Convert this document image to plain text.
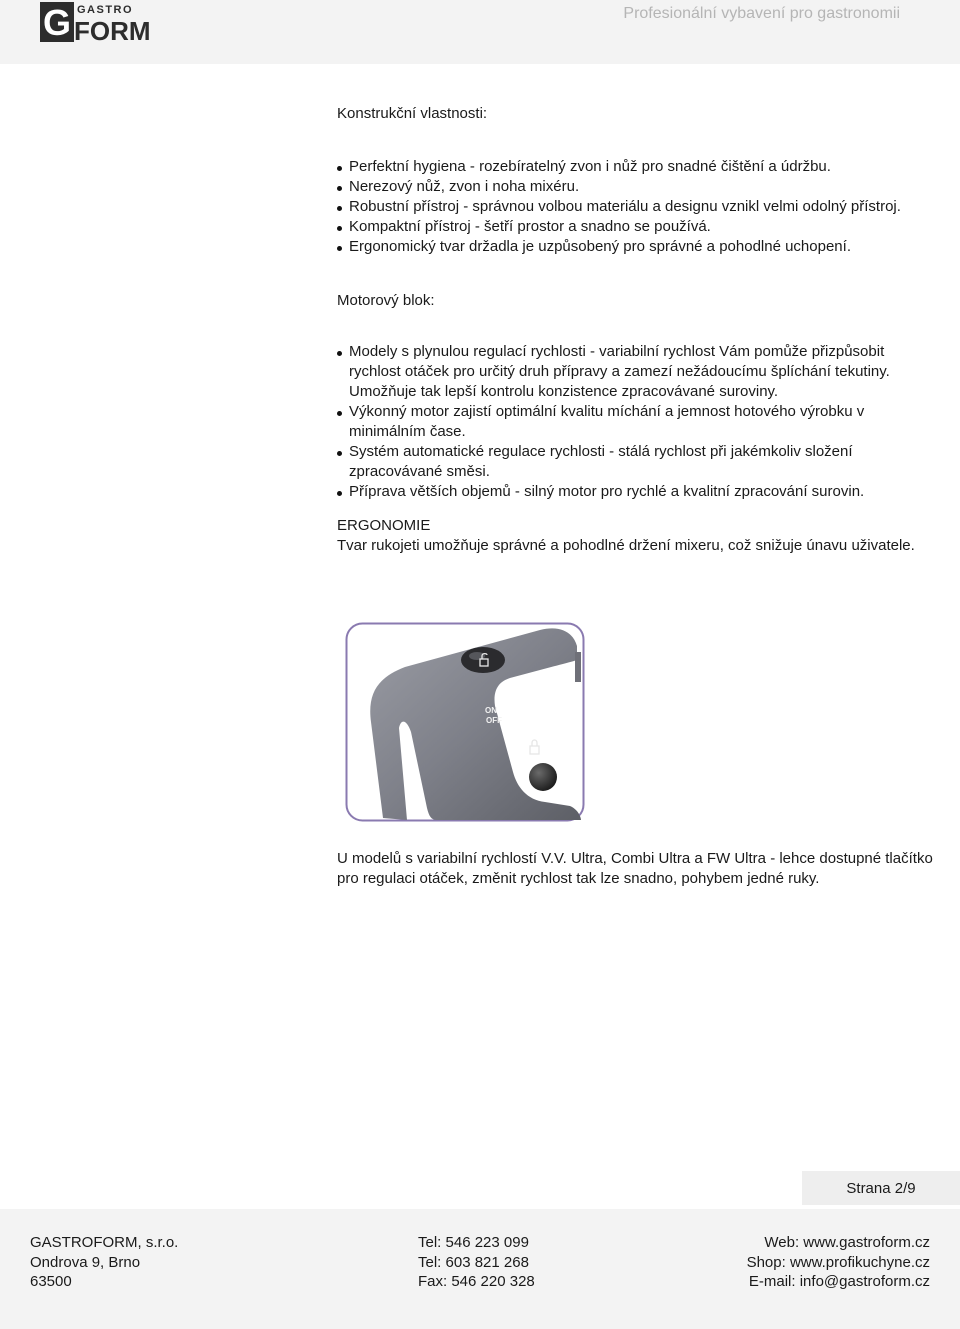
G GASTRO
FORM
Profesionální vybavení pro gastronomii

Konstrukční vlastnosti:

Perfektní hygiena - rozebíratelný zvon i nůž pro snadné čištění a údržbu.
Nerezový nůž, zvon i noha mixéru.
Robustní přístroj - správnou volbou materiálu a designu vznikl velmi odolný přístroj.
Kompaktní přístroj - šetří prostor a snadno se používá.
Ergonomický tvar držadla je uzpůsobený pro správné a pohodlné uchopení.

Motorový blok:

Modely s plynulou regulací rychlosti - variabilní rychlost Vám pomůže přizpůsobit rychlost otáček pro určitý druh přípravy a zamezí nežádoucímu šplíchání tekutiny. Umožňuje tak lepší kontrolu konzistence zpracovávané suroviny.
Výkonný motor zajistí optimální kvalitu míchání a jemnost hotového výrobku v minimálním čase.
Systém automatické regulace rychlosti - stálá rychlost při jakémkoliv složení zpracovávané směsi.
Příprava větších objemů - silný motor pro rychlé a kvalitní zpracování surovin.

ERGONOMIE

Tvar rukojeti umožňuje správné a pohodlné držení mixeru, což snižuje únavu uživatele.

ON
OFF

U modelů s variabilní rychlostí V.V. Ultra, Combi Ultra a FW Ultra - lehce dostupné tlačítko pro regulaci otáček, změnit rychlost tak lze snadno, pohybem jedné ruky.

Strana 2/9
GASTROFORM, s.r.o.
Ondrova 9, Brno
63500
Tel: 546 223 099
Tel: 603 821 268
Fax: 546 220 328
Web: www.gastroform.cz
Shop: www.profikuchyne.cz
E-mail: info@gastroform.cz
